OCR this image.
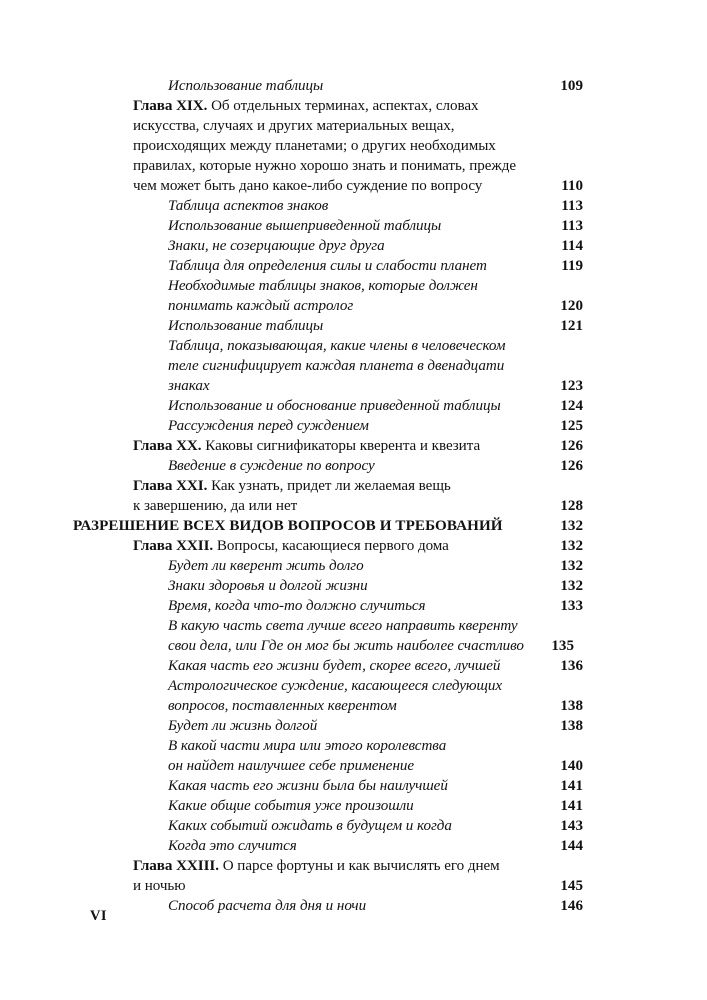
Использование таблицы	109
Глава XIX. Об отдельных терминах, аспектах, словах
искусства, случаях и других материальных вещах,
происходящих между планетами; о других необходимых
правилах, которые нужно хорошо знать и понимать, прежде
чем может быть дано какое-либо суждение по вопросу	110
Таблица аспектов знаков	113
Использование вышеприведенной таблицы	113
Знаки, не созерцающие друг друга	114
Таблица для определения силы и слабости планет	119
Необходимые таблицы знаков, которые должен
понимать каждый астролог	120
Использование таблицы	121
Таблица, показывающая, какие члены в человеческом
теле сигнифицирует каждая планета в двенадцати
знаках	123
Использование и обоснование приведенной таблицы	124
Рассуждения перед суждением	125
Глава XX. Каковы сигнификаторы кверента и квезита	126
Введение в суждение по вопросу	126
Глава XXI. Как узнать, придет ли желаемая вещь
к завершению, да или нет	128
РАЗРЕШЕНИЕ ВСЕХ ВИДОВ ВОПРОСОВ И ТРЕБОВАНИЙ	132
Глава XXII. Вопросы, касающиеся первого дома	132
Будет ли кверент жить долго	132
Знаки здоровья и долгой жизни	132
Время, когда что-то должно случиться	133
В какую часть света лучше всего направить кверенту
свои дела, или Где он мог бы жить наиболее счастливо	135
Какая часть его жизни будет, скорее всего, лучшей	136
Астрологическое суждение, касающееся следующих
вопросов, поставленных кверентом	138
Будет ли жизнь долгой	138
В какой части мира или этого королевства
он найдет наилучшее себе применение	140
Какая часть его жизни была бы наилучшей	141
Какие общие события уже произошли	141
Каких событий ожидать в будущем и когда	143
Когда это случится	144
Глава XXIII. О парсе фортуны и как вычислять его днем
и ночью	145
Способ расчета для дня и ночи	146
VI
